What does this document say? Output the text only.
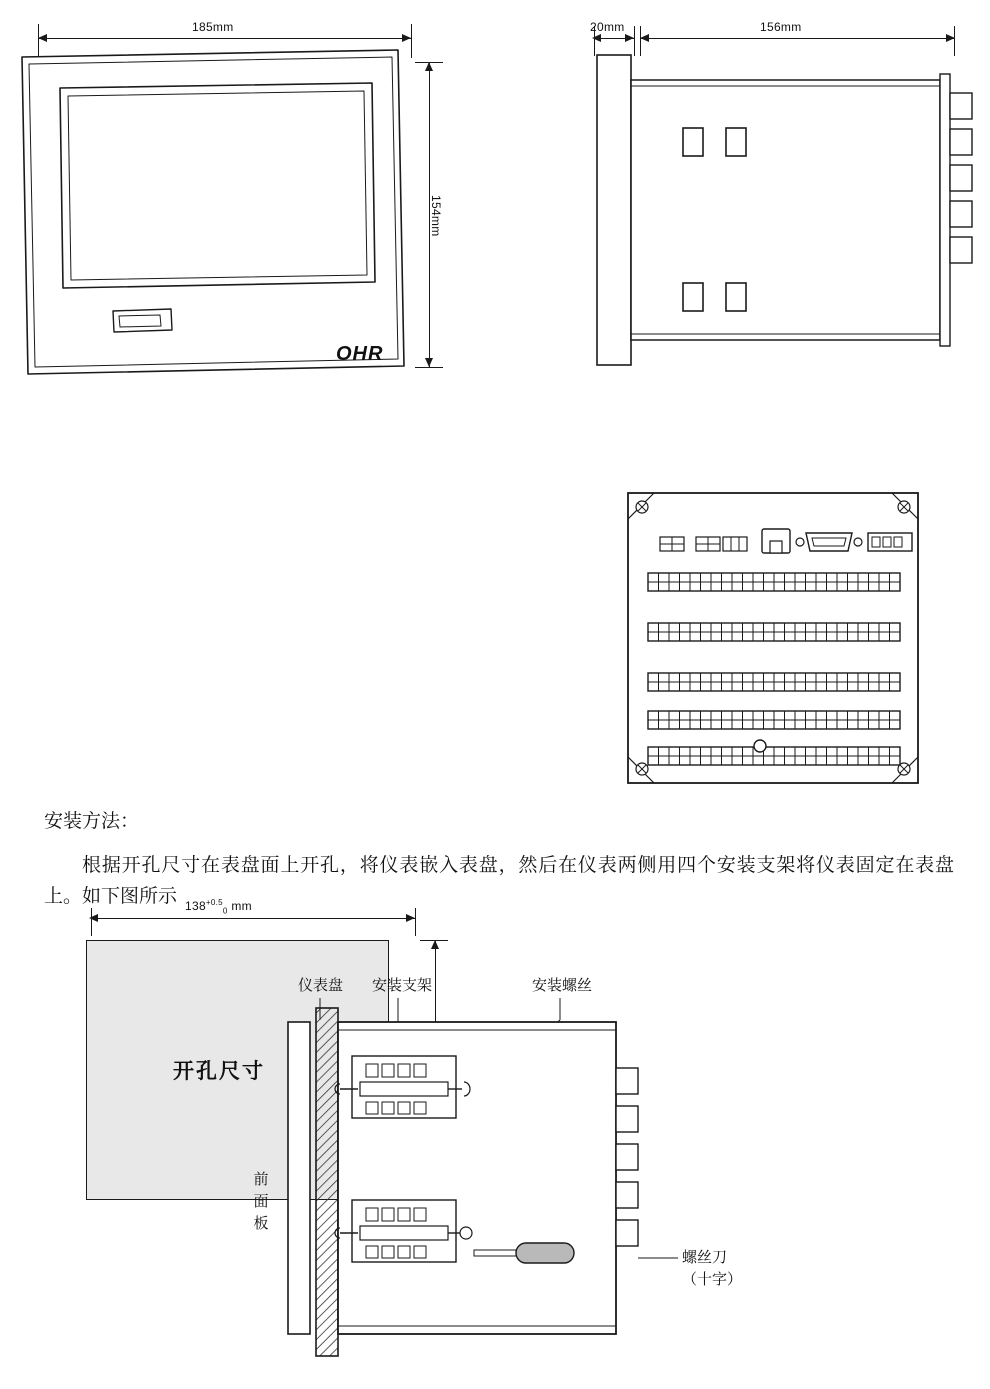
185mm
154mm
OHR
20mm	156mm
$138^{+0.5}_0$ mm

开孔尺寸
安装方法：
根据开孔尺寸在表盘面上开孔，将仪表嵌入表盘，然后在仪表两侧用四个安装支架将仪表固定在表盘上。如下图所示
仪表盘 安装支架	安装螺丝
前
面
板
螺丝刀
（十字）
